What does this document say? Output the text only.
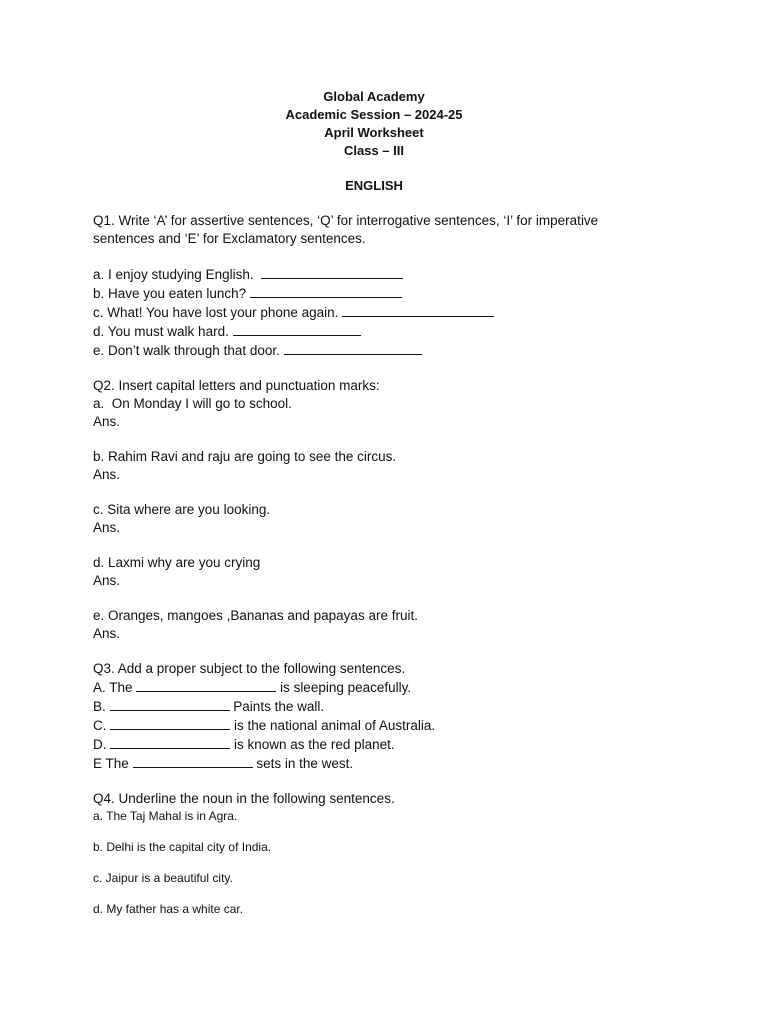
Global Academy
Academic Session – 2024-25
April Worksheet
Class – III
ENGLISH
Q1. Write ‘A’ for assertive sentences, ‘Q’ for interrogative sentences, ‘I’ for imperative sentences and ‘E’ for Exclamatory sentences.
a. I enjoy studying English.
b. Have you eaten lunch?
c. What! You have lost your phone again.
d. You must walk hard.
e. Don’t walk through that door.
Q2. Insert capital letters and punctuation marks:
a.  On Monday I will go to school.
Ans.
b. Rahim Ravi and raju are going to see the circus.
Ans.
c. Sita where are you looking.
Ans.
d. Laxmi why are you crying
Ans.
e. Oranges, mangoes ,Bananas and papayas are fruit.
Ans.
Q3. Add a proper subject to the following sentences.
A. The	is sleeping peacefully.
B.	Paints the wall.
C.	is the national animal of Australia.
D.	is known as the red planet.
E The	sets in the west.
Q4. Underline the noun in the following sentences.
a. The Taj Mahal is in Agra.
b. Delhi is the capital city of India.
c. Jaipur is a beautiful city.
d. My father has a white car.
